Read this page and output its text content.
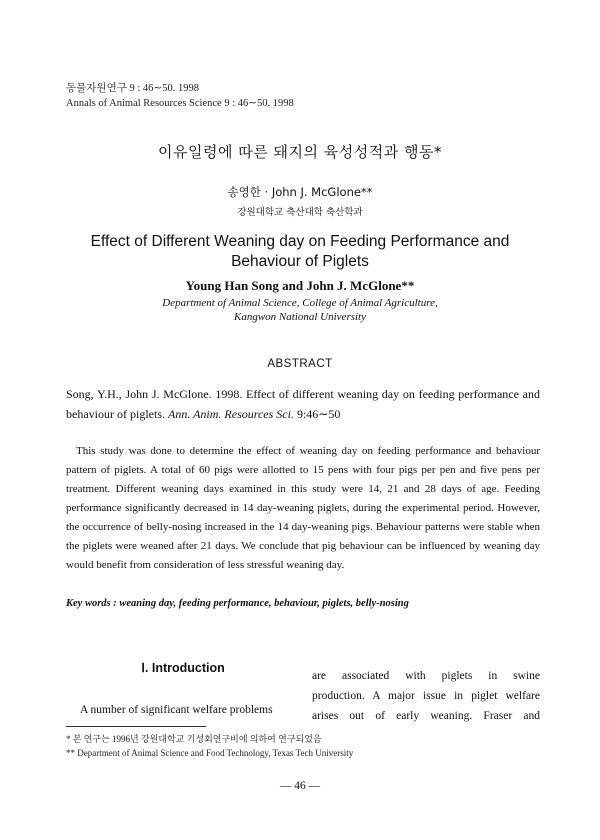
동물자원연구 9 : 46∼50. 1998
Annals of Animal Resources Science 9 : 46∼50. 1998
이유일령에 따른 돼지의 육성성적과 행동*
송영한 · John J. McGlone**
강원대학교 축산대학 축산학과
Effect of Different Weaning day on Feeding Performance and Behaviour of Piglets
Young Han Song and John J. McGlone**
Department of Animal Science, College of Animal Agriculture,
Kangwon National University
ABSTRACT
Song, Y.H., John J. McGlone. 1998. Effect of different weaning day on feeding performance and behaviour of piglets. Ann. Anim. Resources Sci. 9:46∼50
This study was done to determine the effect of weaning day on feeding performance and behaviour pattern of piglets. A total of 60 pigs were allotted to 15 pens with four pigs per pen and five pens per treatment. Different weaning days examined in this study were 14, 21 and 28 days of age. Feeding performance significantly decreased in 14 day-weaning piglets, during the experimental period. However, the occurrence of belly-nosing increased in the 14 day-weaning pigs. Behaviour patterns were stable when the piglets were weaned after 21 days. We conclude that pig behaviour can be influenced by weaning day would benefit from consideration of less stressful weaning day.
Key words : weaning day, feeding performance, behaviour, piglets, belly-nosing
Ⅰ. Introduction
A number of significant welfare problems
are associated with piglets in swine
production. A major issue in piglet welfare
arises out of early weaning. Fraser and
* 본 연구는 1996년 강원대학교 기성회연구비에 의하여 연구되었음
** Department of Animal Science and Food Technology, Texas Tech University
— 46 —
